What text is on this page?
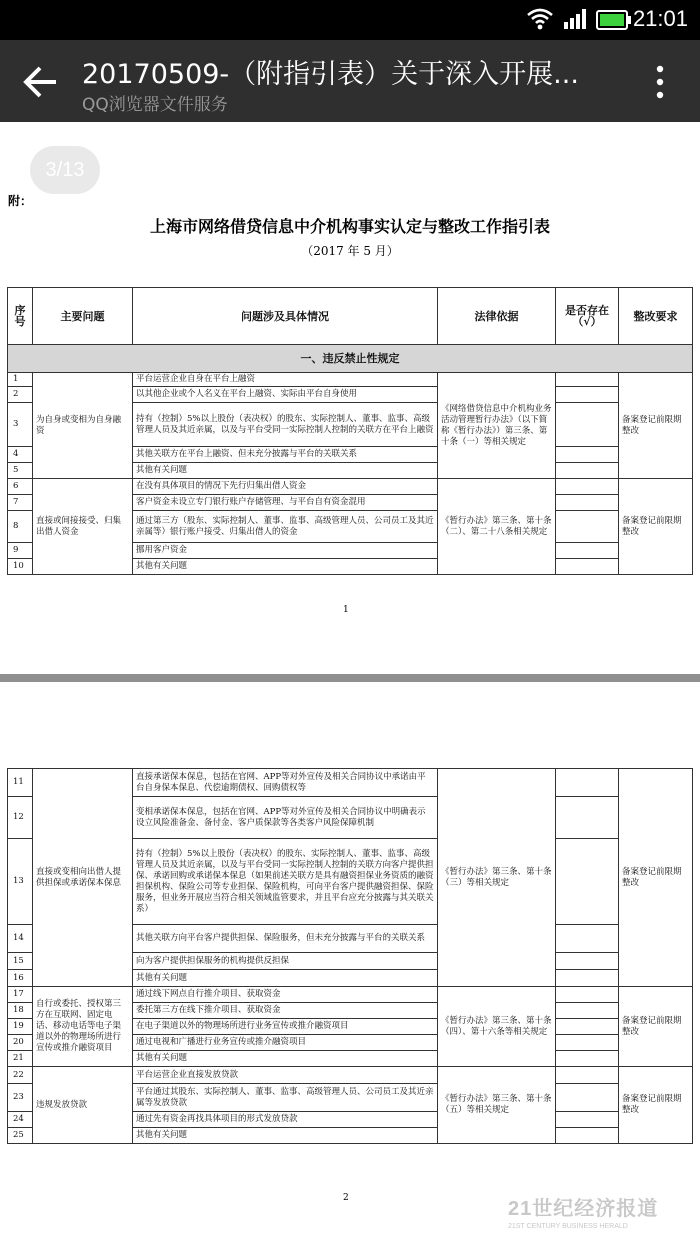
21:01
20170509-（附指引表）关于深入开展...
QQ浏览器文件服务
附：
上海市网络借贷信息中介机构事实认定与整改工作指引表
（2017 年 5 月）
序号	主要问题	问题涉及具体情况	法律依据	是否存在（√）	整改要求
一、违反禁止性规定					
1	为自身或变相为自身融资	平台运营企业自身在平台上融资	《网络借贷信息中介机构业务活动管理暂行办法》（以下简称《暂行办法》）第三条、第十条（一）等相关规定		备案登记前限期整改
2		以其他企业或个人名义在平台上融资、实际由平台自身使用			
3		持有（控制）5%以上股份（表决权）的股东、实际控制人、董事、监事、高级管理人员及其近亲属，以及与平台受同一实际控制人控制的关联方在平台上融资			
4		其他关联方在平台上融资、但未充分披露与平台的关联关系			
5		其他有关问题			
6	直接或间接接受、归集出借人资金	在没有具体项目的情况下先行归集出借人资金	《暂行办法》第三条、第十条（二）、第二十八条相关规定		备案登记前限期整改
7		客户资金未设立专门银行账户存储管理、与平台自有资金混用			
8		通过第三方（股东、实际控制人、董事、监事、高级管理人员、公司员工及其近亲属等）银行账户接受、归集出借人的资金			
9		挪用客户资金			
10		其他有关问题			
1
11	直接或变相向出借人提供担保或承诺保本保息	直接承诺保本保息，包括在官网、APP等对外宣传及相关合同协议中承诺由平台自身保本保息、代偿逾期债权、回购债权等	《暂行办法》第三条、第十条（三）等相关规定		备案登记前限期整改
12		变相承诺保本保息，包括在官网、APP等对外宣传及相关合同协议中明确表示设立风险准备金、备付金、客户质保款等各类客户风险保障机制			
13		持有（控制）5%以上股份（表决权）的股东、实际控制人、董事、监事、高级管理人员及其近亲属，以及与平台受同一实际控制人控制的关联方向客户提供担保、承诺回购或承诺保本保息（如果前述关联方是具有融资担保业务资质的融资担保机构、保险公司等专业担保、保险机构，可向平台客户提供融资担保、保险服务，但业务开展应当符合相关领域监管要求，并且平台应充分披露与其关联关系）			
14		其他关联方向平台客户提供担保、保险服务，但未充分披露与平台的关联关系			
15		向为客户提供担保服务的机构提供反担保			
16		其他有关问题			
17	自行或委托、授权第三方在互联网、固定电话、移动电话等电子渠道以外的物理场所进行宣传或推介融资项目	通过线下网点自行推介项目、获取资金	《暂行办法》第三条、第十条（四）、第十六条等相关规定		备案登记前限期整改
18		委托第三方在线下推介项目、获取资金			
19		在电子渠道以外的物理场所进行业务宣传或推介融资项目			
20		通过电视和广播进行业务宣传或推介融资项目			
21		其他有关问题			
22	违规发放贷款	平台运营企业直接发放贷款	《暂行办法》第三条、第十条（五）等相关规定		备案登记前限期整改
23		平台通过其股东、实际控制人、董事、监事、高级管理人员、公司员工及其近亲属等发放贷款			
24		通过先有资金再找具体项目的形式发放贷款			
25		其他有关问题			
2	21世纪经济报道
21ST CENTURY BUSINESS HERALD
3/13
